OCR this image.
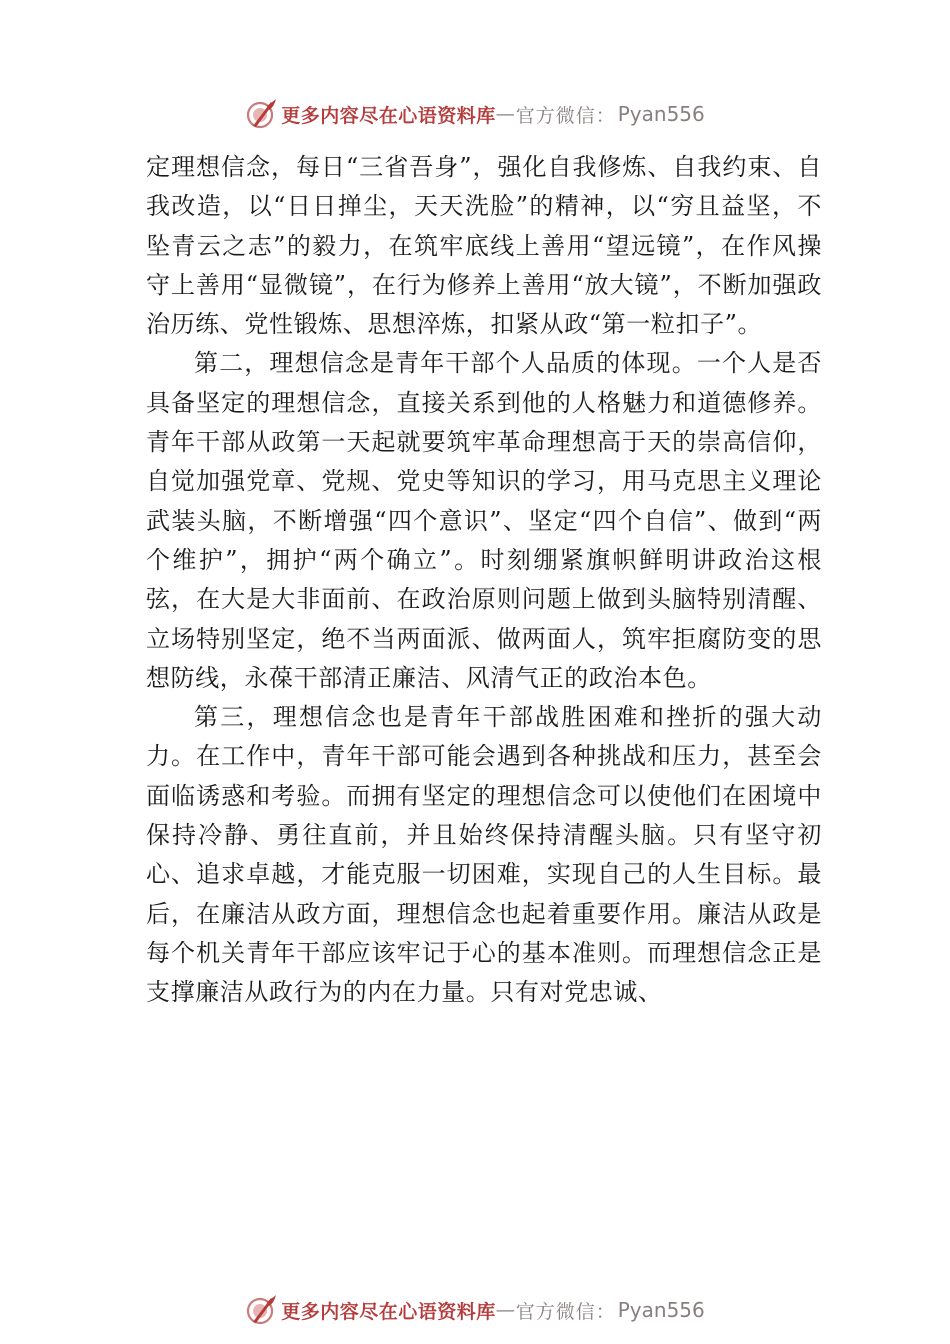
更多内容尽在心语资料库 — 官方微信： Pyan556

定理想信念，每日“三省吾身”，强化自我修炼、自我约束、自我改造，以“日日掸尘，天天洗脸”的精神，以“穷且益坚，不坠青云之志”的毅力，在筑牢底线上善用“望远镜”，在作风操守上善用“显微镜”，在行为修养上善用“放大镜”，不断加强政治历练、党性锻炼、思想淬炼，扣紧从政“第一粒扣子”。

第二，理想信念是青年干部个人品质的体现。一个人是否具备坚定的理想信念，直接关系到他的人格魅力和道德修养。青年干部从政第一天起就要筑牢革命理想高于天的崇高信仰，自觉加强党章、党规、党史等知识的学习，用马克思主义理论武装头脑，不断增强“四个意识”、坚定“四个自信”、做到“两个维护”，拥护“两个确立”。时刻绷紧旗帜鲜明讲政治这根弦，在大是大非面前、在政治原则问题上做到头脑特别清醒、立场特别坚定，绝不当两面派、做两面人，筑牢拒腐防变的思想防线，永葆干部清正廉洁、风清气正的政治本色。

第三，理想信念也是青年干部战胜困难和挫折的强大动力。在工作中，青年干部可能会遇到各种挑战和压力，甚至会面临诱惑和考验。而拥有坚定的理想信念可以使他们在困境中保持冷静、勇往直前，并且始终保持清醒头脑。只有坚守初心、追求卓越，才能克服一切困难，实现自己的人生目标。最后，在廉洁从政方面，理想信念也起着重要作用。廉洁从政是每个机关青年干部应该牢记于心的基本准则。而理想信念正是支撑廉洁从政行为的内在力量。只有对党忠诚、

更多内容尽在心语资料库 — 官方微信： Pyan556
